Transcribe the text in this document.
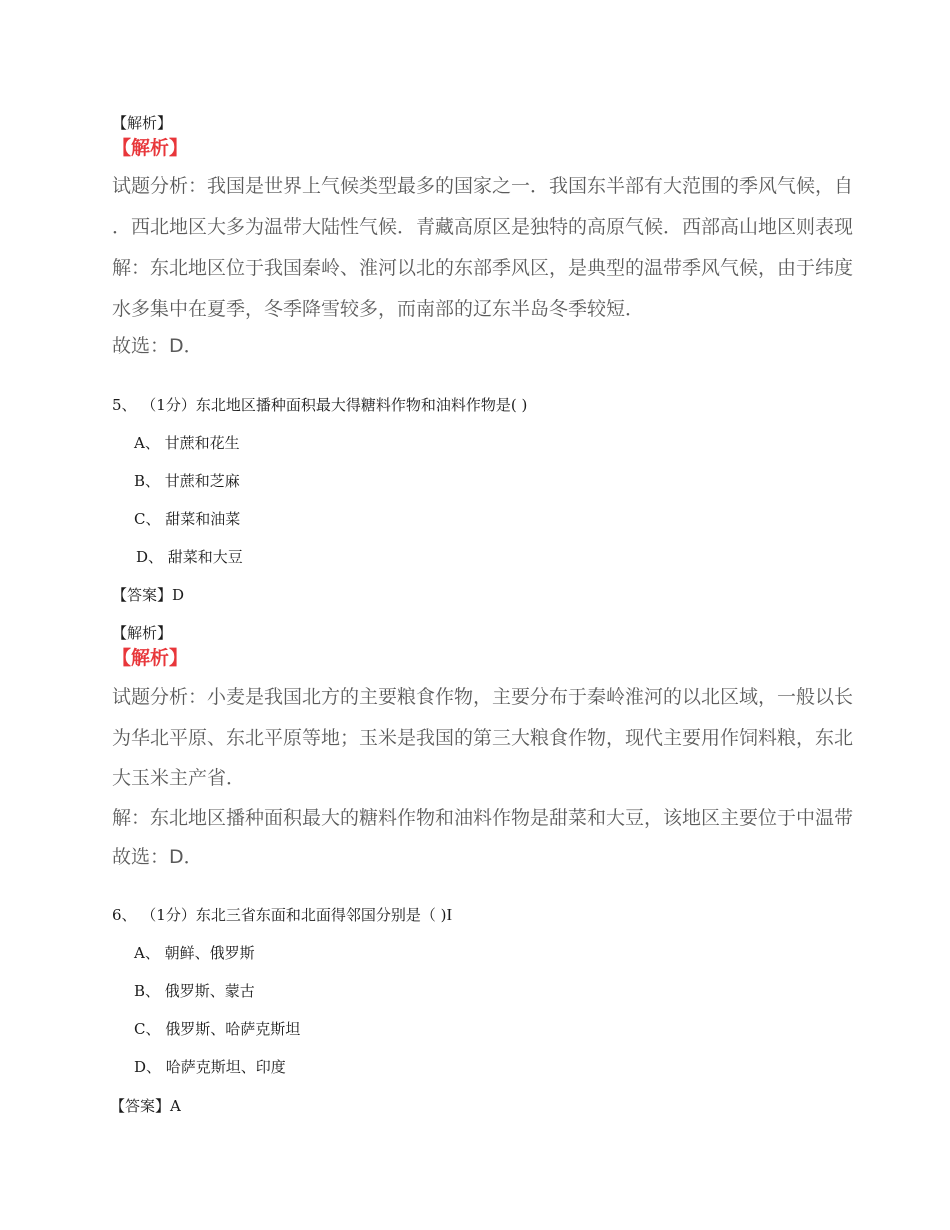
【解析】
【解析】
试题分析：我国是世界上气候类型最多的国家之一．我国东半部有大范围的季风气候，自
．西北地区大多为温带大陆性气候．青藏高原区是独特的高原气候．西部高山地区则表现
解：东北地区位于我国秦岭、淮河以北的东部季风区，是典型的温带季风气候，由于纬度
水多集中在夏季，冬季降雪较多，而南部的辽东半岛冬季较短．
故选：D．
5、 （1分）东北地区播种面积最大得糖料作物和油料作物是( )
A、 甘蔗和花生
B、 甘蔗和芝麻
C、 甜菜和油菜
D、 甜菜和大豆
【答案】D
【解析】
【解析】
试题分析：小麦是我国北方的主要粮食作物，主要分布于秦岭淮河的以北区域，一般以长
为华北平原、东北平原等地；玉米是我国的第三大粮食作物，现代主要用作饲料粮，东北
大玉米主产省．
解：东北地区播种面积最大的糖料作物和油料作物是甜菜和大豆，该地区主要位于中温带
故选：D．
6、 （1分）东北三省东面和北面得邻国分别是（ )I
A、 朝鲜、俄罗斯
B、 俄罗斯、蒙古
C、 俄罗斯、哈萨克斯坦
D、 哈萨克斯坦、印度
【答案】A
